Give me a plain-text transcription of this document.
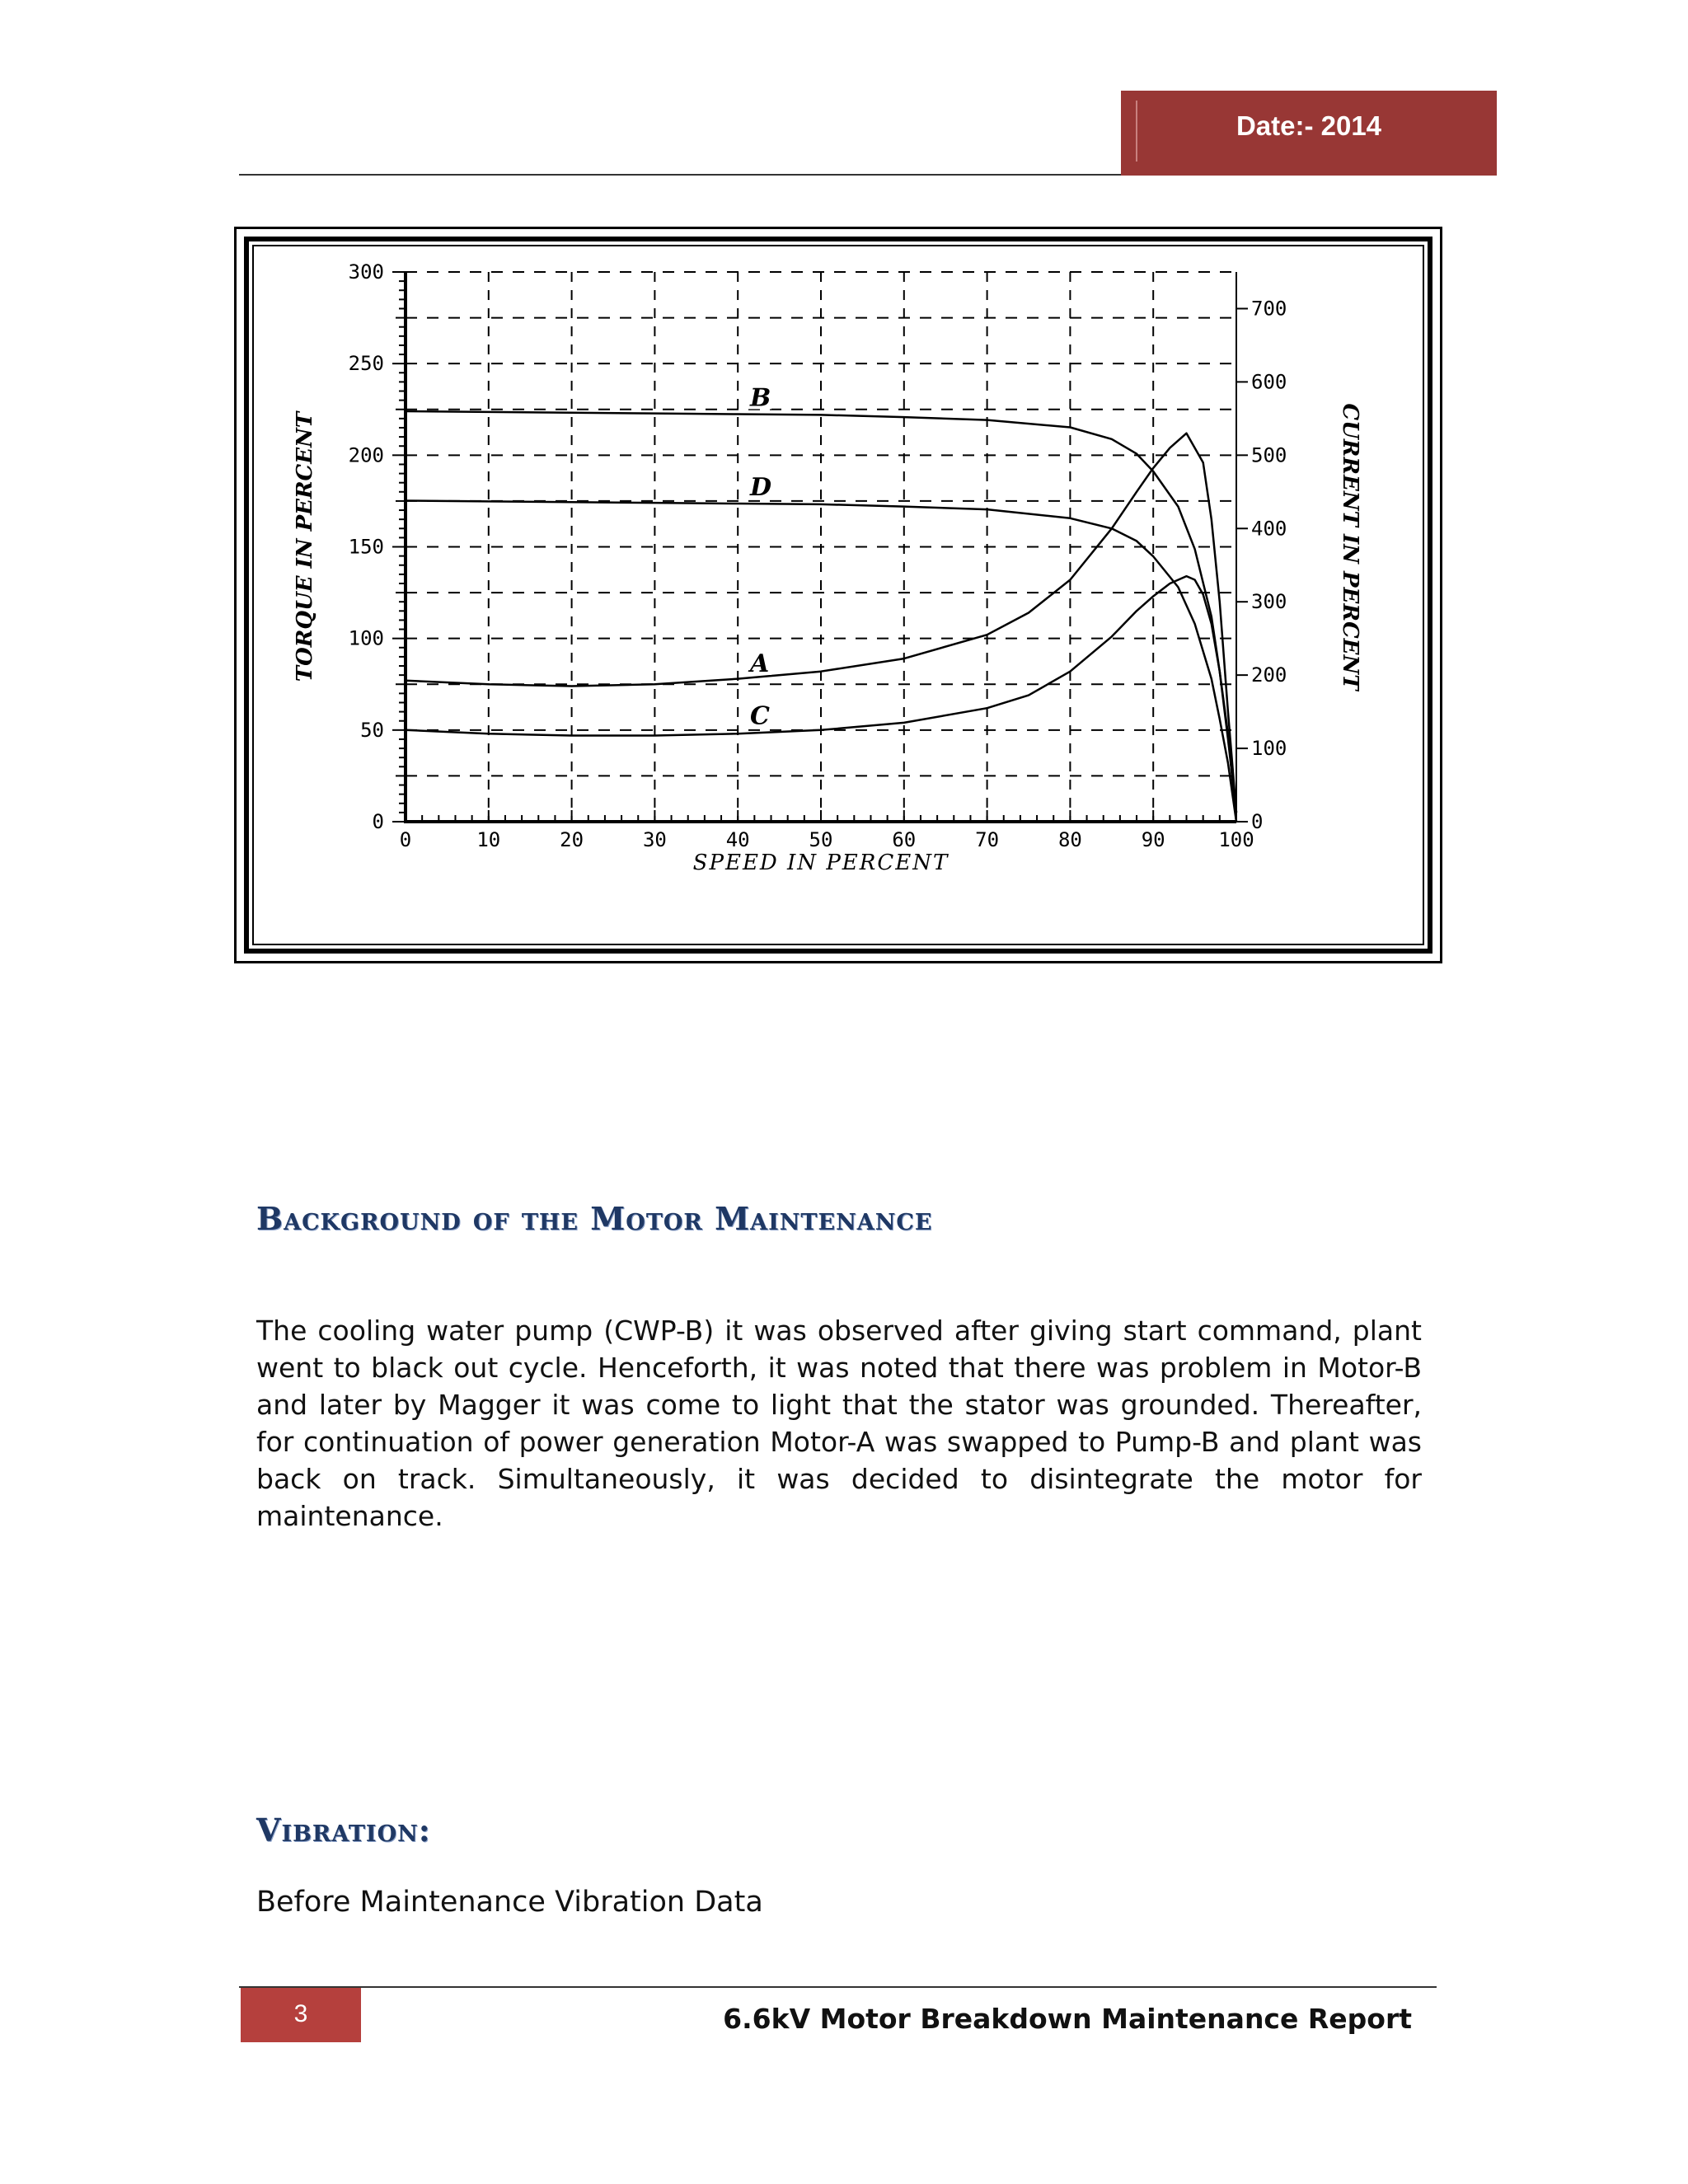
Date:- 2014
0
50
100
150
200
250
300
0	10	20	30	40	50	60	70	80	90	100
0
100
200
300
400
500
600
700
SPEED IN PERCENT
TORQUE IN PERCENT	CURRENT IN PERCENT
B
D
A
C
Background of the Motor Maintenance
The cooling water pump (CWP-B) it was observed after giving start command, plant went to black out cycle. Henceforth, it was noted that there was problem in Motor-B and later by Magger it was come to light that the stator was grounded. Thereafter, for continuation of power generation Motor-A was swapped to Pump-B and plant was back on track. Simultaneously, it was decided to disintegrate the motor for maintenance.
Vibration:
Before Maintenance Vibration Data
3	6.6kV Motor Breakdown Maintenance Report
